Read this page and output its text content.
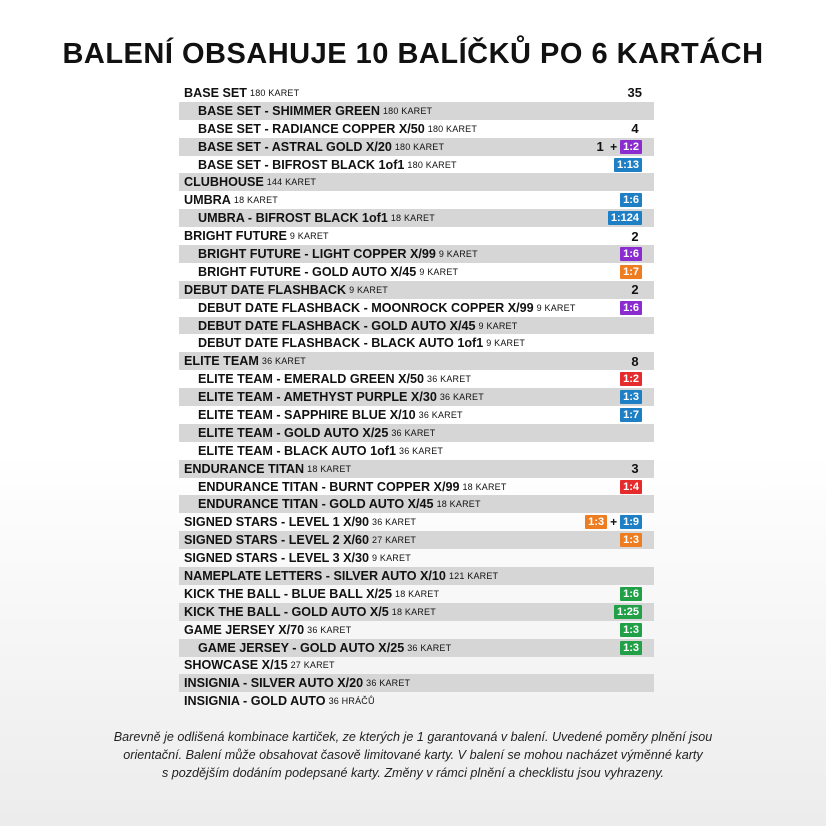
BALENÍ OBSAHUJE 10 BALÍČKŮ PO 6 KARTÁCH
BASE SET 180 KARET	35
BASE SET - SHIMMER GREEN 180 KARET
BASE SET - RADIANCE COPPER X/50 180 KARET	4
BASE SET - ASTRAL GOLD X/20 180 KARET	1 + 1:2
BASE SET - BIFROST BLACK 1of1 180 KARET	1:13
CLUBHOUSE 144 KARET
UMBRA 18 KARET	1:6
UMBRA - BIFROST BLACK 1of1 18 KARET	1:124
BRIGHT FUTURE 9 KARET	2
BRIGHT FUTURE - LIGHT COPPER X/99 9 KARET	1:6
BRIGHT FUTURE - GOLD AUTO X/45 9 KARET	1:7
DEBUT DATE FLASHBACK 9 KARET	2
DEBUT DATE FLASHBACK - MOONROCK COPPER X/99 9 KARET	1:6
DEBUT DATE FLASHBACK - GOLD AUTO X/45 9 KARET
DEBUT DATE FLASHBACK - BLACK AUTO 1of1 9 KARET
ELITE TEAM 36 KARET	8
ELITE TEAM - EMERALD GREEN X/50 36 KARET	1:2
ELITE TEAM - AMETHYST PURPLE X/30 36 KARET	1:3
ELITE TEAM - SAPPHIRE BLUE X/10 36 KARET	1:7
ELITE TEAM - GOLD AUTO X/25 36 KARET
ELITE TEAM - BLACK AUTO 1of1 36 KARET
ENDURANCE TITAN 18 KARET	3
ENDURANCE TITAN - BURNT COPPER X/99 18 KARET	1:4
ENDURANCE TITAN - GOLD AUTO X/45 18 KARET
SIGNED STARS - LEVEL 1 X/90 36 KARET	1:3 + 1:9
SIGNED STARS - LEVEL 2 X/60 27 KARET	1:3
SIGNED STARS - LEVEL 3 X/30 9 KARET
NAMEPLATE LETTERS - SILVER AUTO X/10 121 KARET
KICK THE BALL - BLUE BALL X/25 18 KARET	1:6
KICK THE BALL - GOLD AUTO X/5 18 KARET	1:25
GAME JERSEY X/70 36 KARET	1:3
GAME JERSEY - GOLD AUTO X/25 36 KARET	1:3
SHOWCASE X/15 27 KARET
INSIGNIA - SILVER AUTO X/20 36 KARET
INSIGNIA - GOLD AUTO 36 HRÁČŮ
Barevně je odlišená kombinace kartiček, ze kterých je 1 garantovaná v balení. Uvedené poměry plnění jsou
orientační. Balení může obsahovat časově limitované karty. V balení se mohou nacházet výměnné karty
s pozdějším dodáním podepsané karty. Změny v rámci plnění a checklistu jsou vyhrazeny.
